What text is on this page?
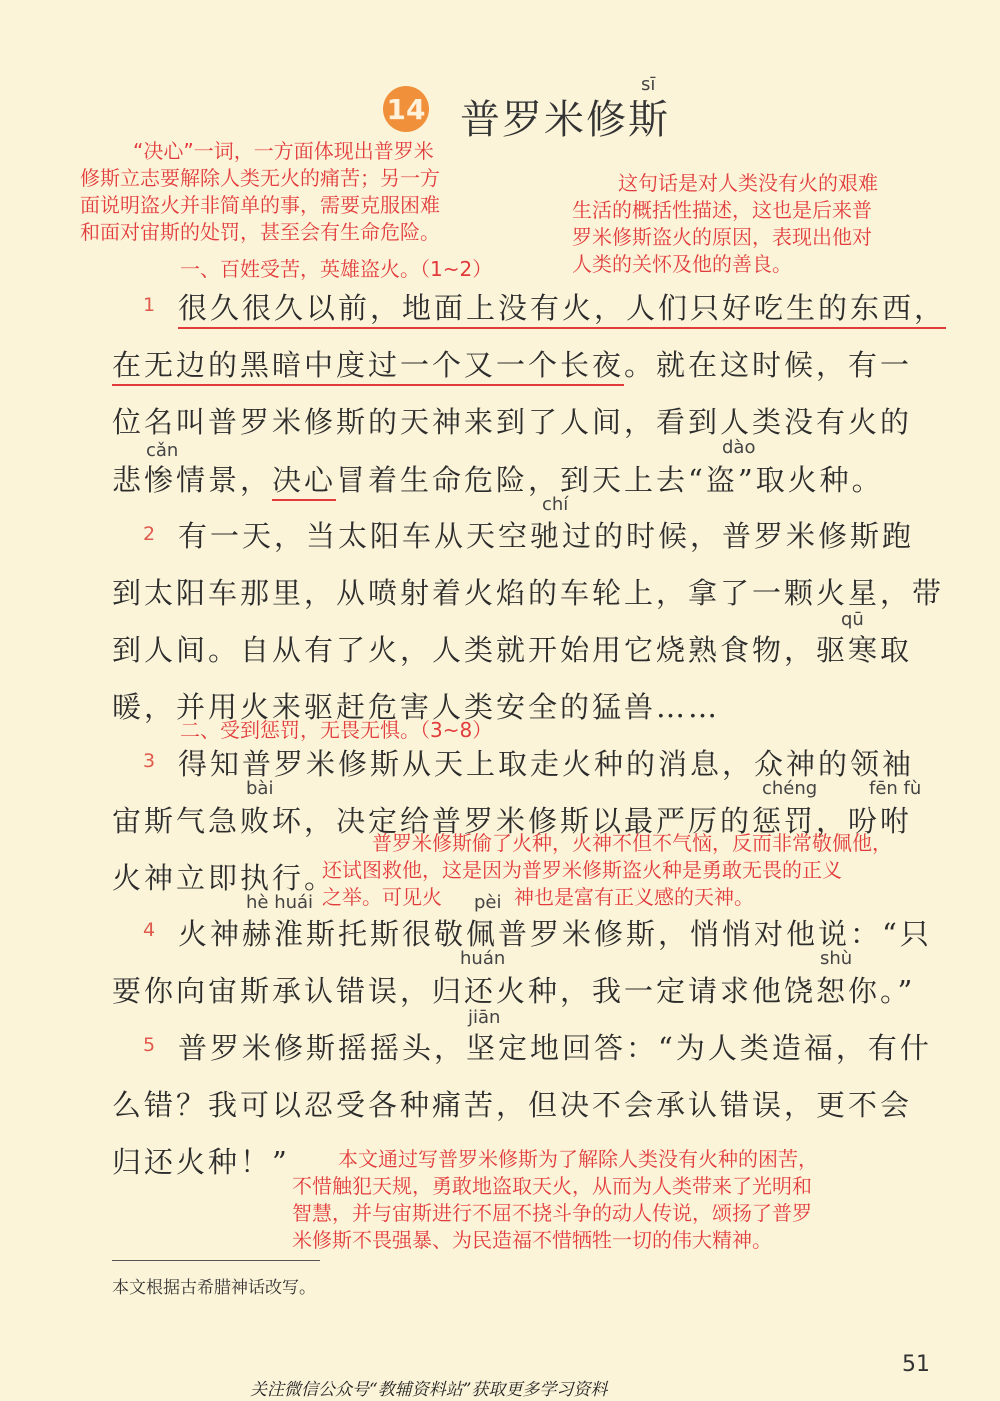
14
sī
普罗米修斯
“决心”一词，一方面体现出普罗米
修斯立志要解除人类无火的痛苦；另一方
面说明盗火并非简单的事，需要克服困难
和面对宙斯的处罚，甚至会有生命危险。
这句话是对人类没有火的艰难
生活的概括性描述，这也是后来普
罗米修斯盗火的原因，表现出他对
人类的关怀及他的善良。
一、百姓受苦，英雄盗火。（1~2）
1 很久很久以前，地面上没有火，人们只好吃生的东西，
在无边的黑暗中度过一个又一个长夜。就在这时候，有一
位名叫普罗米修斯的天神来到了人间，看到人类没有火的
cǎn	dào
悲惨情景，决心冒着生命危险，到天上去“盗”取火种。
chí
2 有一天，当太阳车从天空驰过的时候，普罗米修斯跑
到太阳车那里，从喷射着火焰的车轮上，拿了一颗火星，带
qū
到人间。自从有了火，人类就开始用它烧熟食物，驱寒取
暖，并用火来驱赶危害人类安全的猛兽……
二、受到惩罚，无畏无惧。（3~8）
3 得知普罗米修斯从天上取走火种的消息，众神的领袖
bài	chéng	fēn fù
宙斯气急败坏，决定给普罗米修斯以最严厉的惩罚，吩咐
普罗米修斯偷了火种，火神不但不气恼，反而非常敬佩他，
火神立即执行。
还试图救他，这是因为普罗米修斯盗火种是勇敢无畏的正义
之举。可见火	神也是富有正义感的天神。
hè huái	pèi
4 火神赫淮斯托斯很敬佩普罗米修斯，悄悄对他说：“只
huán	shù
要你向宙斯承认错误，归还火种，我一定请求他饶恕你。”
jiān
5 普罗米修斯摇摇头，坚定地回答：“为人类造福，有什
么错？我可以忍受各种痛苦，但决不会承认错误，更不会
归还火种！” 本文通过写普罗米修斯为了解除人类没有火种的困苦，
不惜触犯天规，勇敢地盗取天火，从而为人类带来了光明和
智慧，并与宙斯进行不屈不挠斗争的动人传说，颂扬了普罗
米修斯不畏强暴、为民造福不惜牺牲一切的伟大精神。
本文根据古希腊神话改写。
51
关注微信公众号“教辅资料站”获取更多学习资料
